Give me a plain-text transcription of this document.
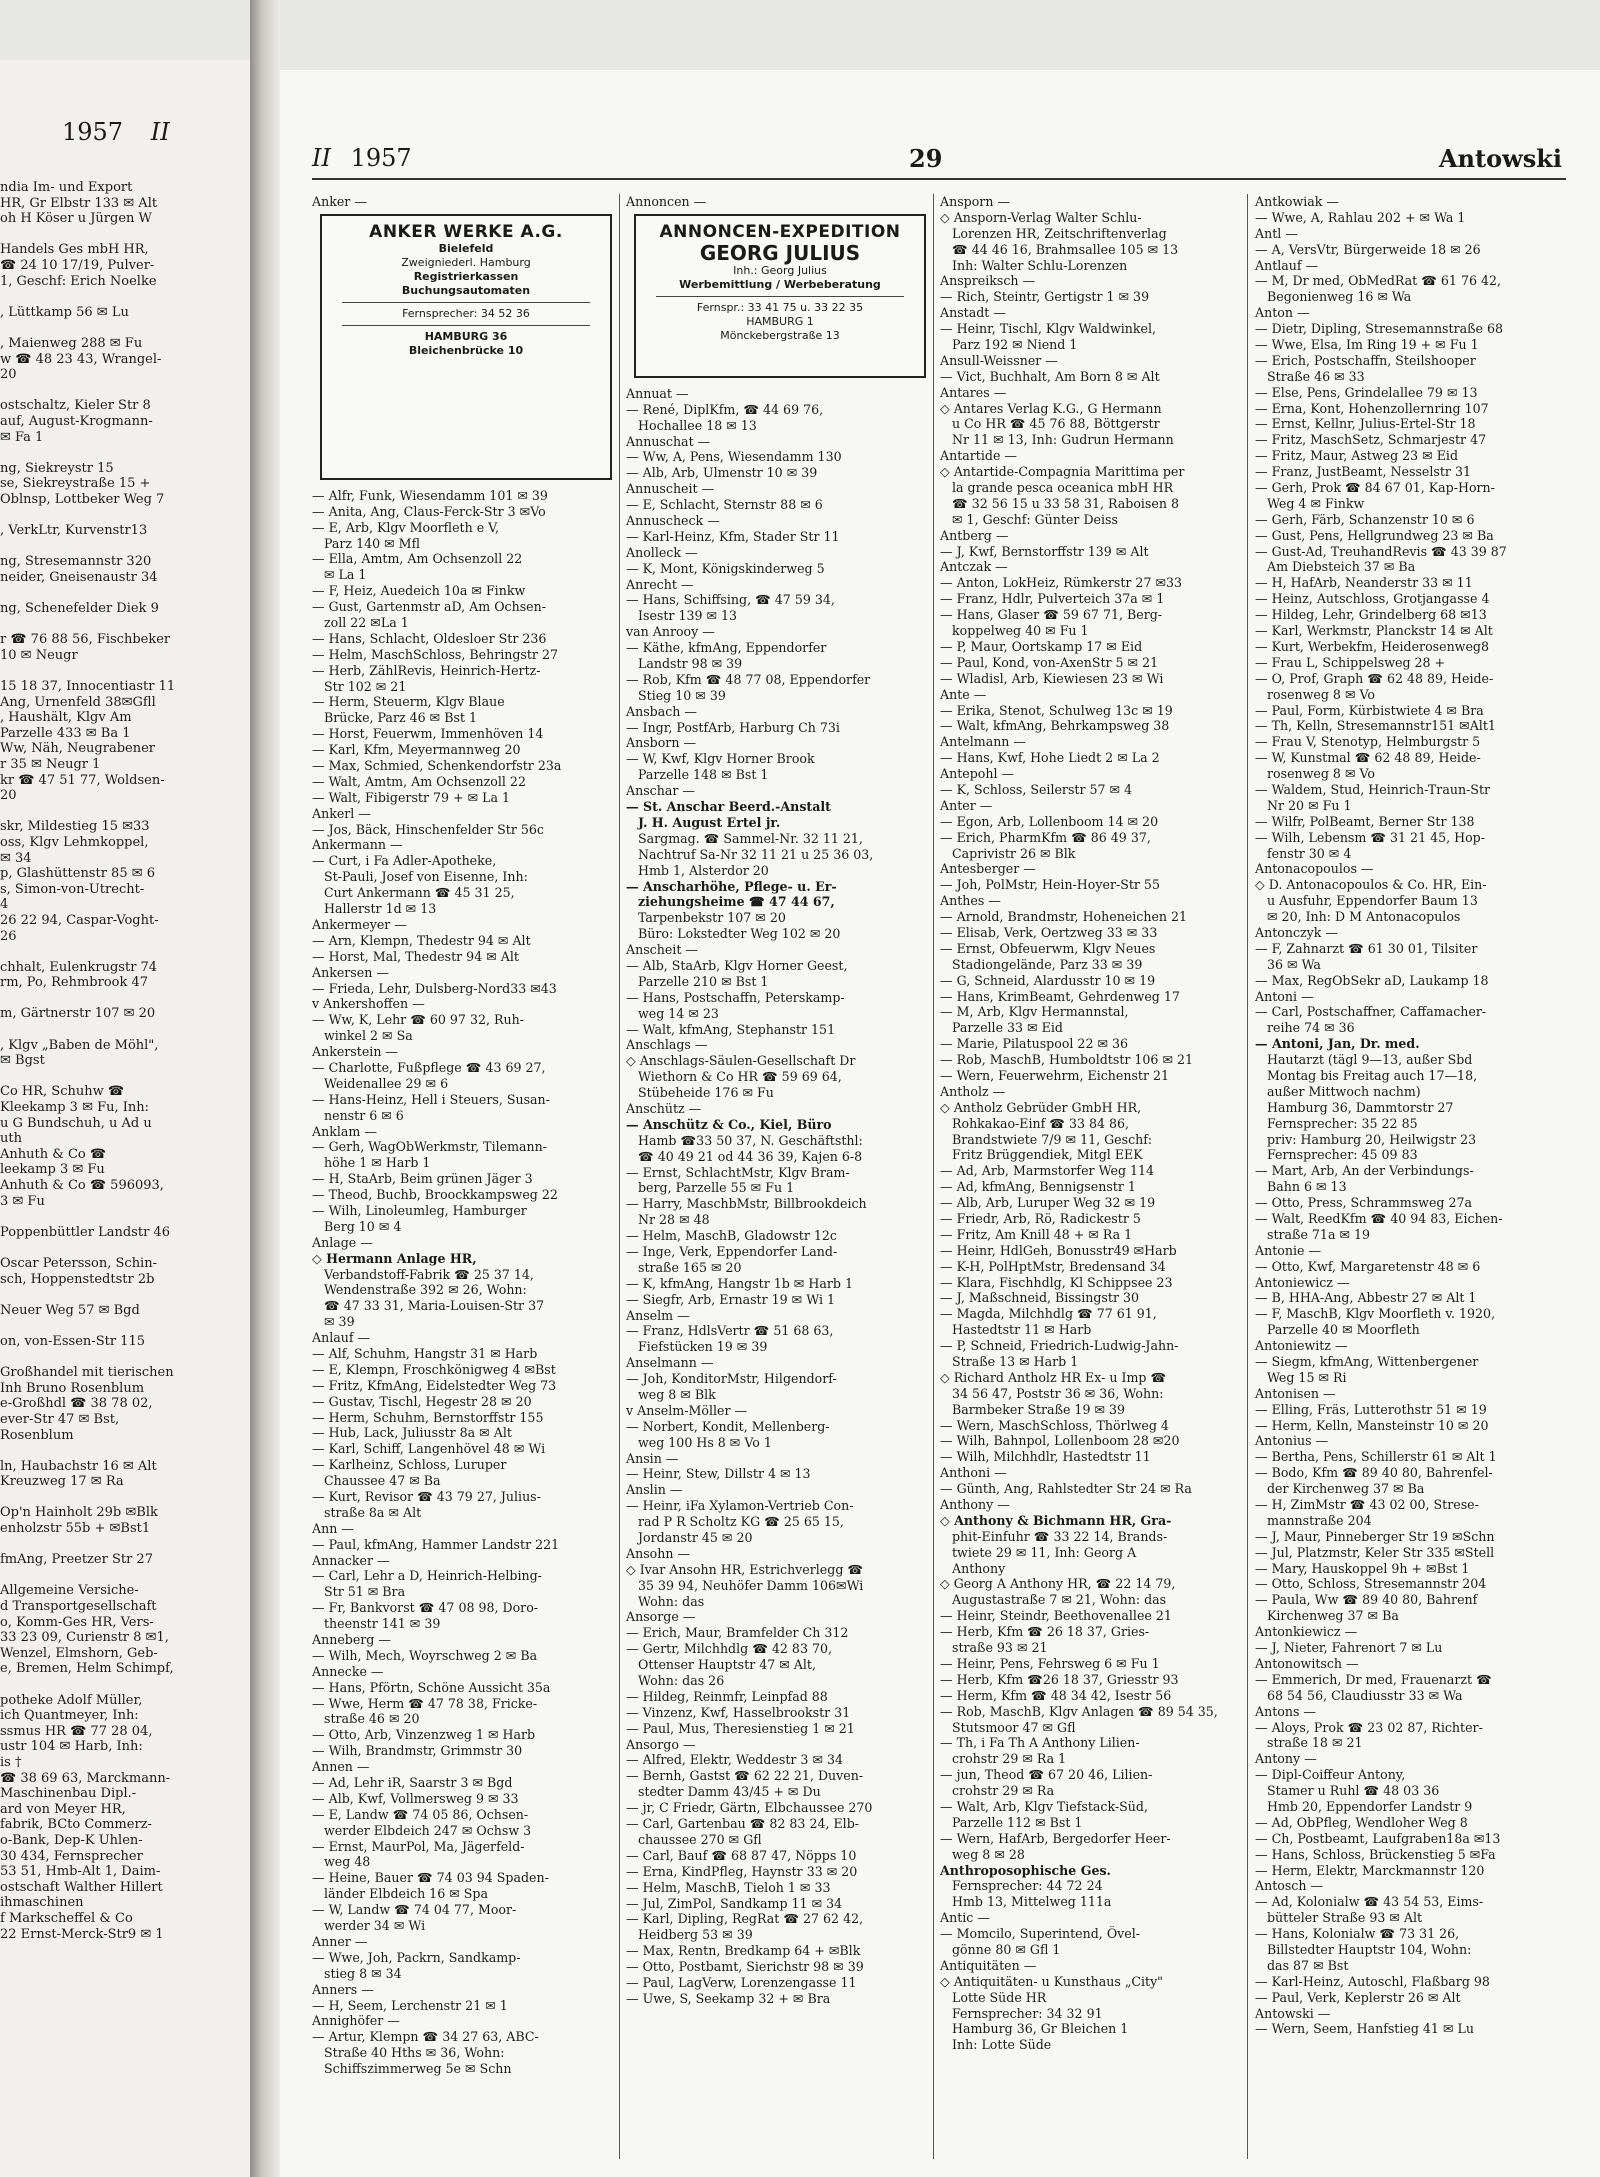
1957 II
ndia Im- und Export
HR, Gr Elbstr 133 ✉ Alt
oh H Köser u Jürgen W
Handels Ges mbH HR,
☎ 24 10 17/19, Pulver-
1, Geschf: Erich Noelke
, Lüttkamp 56 ✉ Lu
, Maienweg 288 ✉ Fu
w ☎ 48 23 43, Wrangel-
20
ostschaltz, Kieler Str 8
auf, August-Krogmann-
✉ Fa 1
ng, Siekreystr 15
se, Siekreystraße 15 +
Oblnsp, Lottbeker Weg 7
, VerkLtr, Kurvenstr13
ng, Stresemannstr 320
neider, Gneisenaustr 34
ng, Schenefelder Diek 9
r ☎ 76 88 56, Fischbeker
10 ✉ Neugr
15 18 37, Innocentiastr 11
Ang, Urnenfeld 38✉Gfll
, Haushält, Klgv Am
Parzelle 433 ✉ Ba 1
Ww, Näh, Neugrabener
r 35 ✉ Neugr 1
kr ☎ 47 51 77, Woldsen-
20
skr, Mildestieg 15 ✉33
oss, Klgv Lehmkoppel,
✉ 34
p, Glashüttenstr 85 ✉ 6
s, Simon-von-Utrecht-
4
26 22 94, Caspar-Voght-
26
chhalt, Eulenkrugstr 74
rm, Po, Rehmbrook 47
m, Gärtnerstr 107 ✉ 20
, Klgv „Baben de Möhl",
✉ Bgst
Co HR, Schuhw ☎
Kleekamp 3 ✉ Fu, Inh:
u G Bundschuh, u Ad u
uth
Anhuth & Co ☎
leekamp 3 ✉ Fu
Anhuth & Co ☎ 596093,
3 ✉ Fu
Poppenbüttler Landstr 46
Oscar Petersson, Schin-
sch, Hoppenstedtstr 2b
Neuer Weg 57 ✉ Bgd
on, von-Essen-Str 115
Großhandel mit tierischen
Inh Bruno Rosenblum
e-Großhdl ☎ 38 78 02,
ever-Str 47 ✉ Bst,
Rosenblum
ln, Haubachstr 16 ✉ Alt
Kreuzweg 17 ✉ Ra
Op'n Hainholt 29b ✉Blk
enholzstr 55b + ✉Bst1
fmAng, Preetzer Str 27
Allgemeine Versiche-
d Transportgesellschaft
o, Komm-Ges HR, Vers-
33 23 09, Curienstr 8 ✉1,
Wenzel, Elmshorn, Geb-
e, Bremen, Helm Schimpf,
potheke Adolf Müller,
ich Quantmeyer, Inh:
ssmus HR ☎ 77 28 04,
ustr 104 ✉ Harb, Inh:
is †
☎ 38 69 63, Marckmann-
Maschinenbau Dipl.-
ard von Meyer HR,
fabrik, BCto Commerz-
o-Bank, Dep-K Uhlen-
30 434, Fernsprecher
53 51, Hmb-Alt 1, Daim-
ostschaft Walther Hillert
ihmaschinen
f Markscheffel & Co
22 Ernst-Merck-Str9 ✉ 1
II 1957	29	Antowski
Anker —
ANKER WERKE A.G.
Bielefeld
Zweigniederl. Hamburg
Registrierkassen
Buchungsautomaten
Fernsprecher: 34 52 36
HAMBURG 36
Bleichenbrücke 10
— Alfr, Funk, Wiesendamm 101 ✉ 39
— Anita, Ang, Claus-Ferck-Str 3 ✉Vo
— E, Arb, Klgv Moorfleth e V,
Parz 140 ✉ Mfl
— Ella, Amtm, Am Ochsenzoll 22
✉ La 1
— F, Heiz, Auedeich 10a ✉ Finkw
— Gust, Gartenmstr aD, Am Ochsen-
zoll 22 ✉La 1
— Hans, Schlacht, Oldesloer Str 236
— Helm, MaschSchloss, Behringstr 27
— Herb, ZählRevis, Heinrich-Hertz-
Str 102 ✉ 21
— Herm, Steuerm, Klgv Blaue
Brücke, Parz 46 ✉ Bst 1
— Horst, Feuerwm, Immenhöven 14
— Karl, Kfm, Meyermannweg 20
— Max, Schmied, Schenkendorfstr 23a
— Walt, Amtm, Am Ochsenzoll 22
— Walt, Fibigerstr 79 + ✉ La 1
Ankerl —
— Jos, Bäck, Hinschenfelder Str 56c
Ankermann —
— Curt, i Fa Adler-Apotheke,
St-Pauli, Josef von Eisenne, Inh:
Curt Ankermann ☎ 45 31 25,
Hallerstr 1d ✉ 13
Ankermeyer —
— Arn, Klempn, Thedestr 94 ✉ Alt
— Horst, Mal, Thedestr 94 ✉ Alt
Ankersen —
— Frieda, Lehr, Dulsberg-Nord33 ✉43
v Ankershoffen —
— Ww, K, Lehr ☎ 60 97 32, Ruh-
winkel 2 ✉ Sa
Ankerstein —
— Charlotte, Fußpflege ☎ 43 69 27,
Weidenallee 29 ✉ 6
— Hans-Heinz, Hell i Steuers, Susan-
nenstr 6 ✉ 6
Anklam —
— Gerh, WagObWerkmstr, Tilemann-
höhe 1 ✉ Harb 1
— H, StaArb, Beim grünen Jäger 3
— Theod, Buchb, Broockkampsweg 22
— Wilh, Linoleumleg, Hamburger
Berg 10 ✉ 4
Anlage —
◇ Hermann Anlage HR,
Verbandstoff-Fabrik ☎ 25 37 14,
Wendenstraße 392 ✉ 26, Wohn:
☎ 47 33 31, Maria-Louisen-Str 37
✉ 39
Anlauf —
— Alf, Schuhm, Hangstr 31 ✉ Harb
— E, Klempn, Froschkönigweg 4 ✉Bst
— Fritz, KfmAng, Eidelstedter Weg 73
— Gustav, Tischl, Hegestr 28 ✉ 20
— Herm, Schuhm, Bernstorffstr 155
— Hub, Lack, Juliusstr 8a ✉ Alt
— Karl, Schiff, Langenhövel 48 ✉ Wi
— Karlheinz, Schloss, Luruper
Chaussee 47 ✉ Ba
— Kurt, Revisor ☎ 43 79 27, Julius-
straße 8a ✉ Alt
Ann —
— Paul, kfmAng, Hammer Landstr 221
Annacker —
— Carl, Lehr a D, Heinrich-Helbing-
Str 51 ✉ Bra
— Fr, Bankvorst ☎ 47 08 98, Doro-
theenstr 141 ✉ 39
Anneberg —
— Wilh, Mech, Woyrschweg 2 ✉ Ba
Annecke —
— Hans, Pförtn, Schöne Aussicht 35a
— Wwe, Herm ☎ 47 78 38, Fricke-
straße 46 ✉ 20
— Otto, Arb, Vinzenzweg 1 ✉ Harb
— Wilh, Brandmstr, Grimmstr 30
Annen —
— Ad, Lehr iR, Saarstr 3 ✉ Bgd
— Alb, Kwf, Vollmersweg 9 ✉ 33
— E, Landw ☎ 74 05 86, Ochsen-
werder Elbdeich 247 ✉ Ochsw 3
— Ernst, MaurPol, Ma, Jägerfeld-
weg 48
— Heine, Bauer ☎ 74 03 94 Spaden-
länder Elbdeich 16 ✉ Spa
— W, Landw ☎ 74 04 77, Moor-
werder 34 ✉ Wi
Anner —
— Wwe, Joh, Packrn, Sandkamp-
stieg 8 ✉ 34
Anners —
— H, Seem, Lerchenstr 21 ✉ 1
Annighöfer —
— Artur, Klempn ☎ 34 27 63, ABC-
Straße 40 Hths ✉ 36, Wohn:
Schiffszimmerweg 5e ✉ Schn
Annoncen —
ANNONCEN-EXPEDITION
GEORG JULIUS
Inh.: Georg Julius
Werbemittlung / Werbeberatung
Fernspr.: 33 41 75 u. 33 22 35
HAMBURG 1
Mönckebergstraße 13
Annuat —
— René, DiplKfm, ☎ 44 69 76,
Hochallee 18 ✉ 13
Annuschat —
— Ww, A, Pens, Wiesendamm 130
— Alb, Arb, Ulmenstr 10 ✉ 39
Annuscheit —
— E, Schlacht, Sternstr 88 ✉ 6
Annuscheck —
— Karl-Heinz, Kfm, Stader Str 11
Anolleck —
— K, Mont, Königskinderweg 5
Anrecht —
— Hans, Schiffsing, ☎ 47 59 34,
Isestr 139 ✉ 13
van Anrooy —
— Käthe, kfmAng, Eppendorfer
Landstr 98 ✉ 39
— Rob, Kfm ☎ 48 77 08, Eppendorfer
Stieg 10 ✉ 39
Ansbach —
— Ingr, PostfArb, Harburg Ch 73i
Ansborn —
— W, Kwf, Klgv Horner Brook
Parzelle 148 ✉ Bst 1
Anschar —
— St. Anschar Beerd.-Anstalt
J. H. August Ertel jr.
Sargmag. ☎ Sammel-Nr. 32 11 21,
Nachtruf Sa-Nr 32 11 21 u 25 36 03,
Hmb 1, Alsterdor 20
— Anscharhöhe, Pflege- u. Er-
ziehungsheime ☎ 47 44 67,
Tarpenbekstr 107 ✉ 20
Büro: Lokstedter Weg 102 ✉ 20
Anscheit —
— Alb, StaArb, Klgv Horner Geest,
Parzelle 210 ✉ Bst 1
— Hans, Postschaffn, Peterskamp-
weg 14 ✉ 23
— Walt, kfmAng, Stephanstr 151
Anschlags —
◇ Anschlags-Säulen-Gesellschaft Dr
Wiethorn & Co HR ☎ 59 69 64,
Stübeheide 176 ✉ Fu
Anschütz —
— Anschütz & Co., Kiel, Büro
Hamb ☎33 50 37, N. Geschäftsthl:
☎ 40 49 21 od 44 36 39, Kajen 6-8
— Ernst, SchlachtMstr, Klgv Bram-
berg, Parzelle 55 ✉ Fu 1
— Harry, MaschbMstr, Billbrookdeich
Nr 28 ✉ 48
— Helm, MaschB, Gladowstr 12c
— Inge, Verk, Eppendorfer Land-
straße 165 ✉ 20
— K, kfmAng, Hangstr 1b ✉ Harb 1
— Siegfr, Arb, Ernastr 19 ✉ Wi 1
Anselm —
— Franz, HdlsVertr ☎ 51 68 63,
Fiefstücken 19 ✉ 39
Anselmann —
— Joh, KonditorMstr, Hilgendorf-
weg 8 ✉ Blk
v Anselm-Möller —
— Norbert, Kondit, Mellenberg-
weg 100 Hs 8 ✉ Vo 1
Ansin —
— Heinr, Stew, Dillstr 4 ✉ 13
Anslin —
— Heinr, iFa Xylamon-Vertrieb Con-
rad P R Scholtz KG ☎ 25 65 15,
Jordanstr 45 ✉ 20
Ansohn —
◇ Ivar Ansohn HR, Estrichverlegg ☎
35 39 94, Neuhöfer Damm 106✉Wi
Wohn: das
Ansorge —
— Erich, Maur, Bramfelder Ch 312
— Gertr, Milchhdlg ☎ 42 83 70,
Ottenser Hauptstr 47 ✉ Alt,
Wohn: das 26
— Hildeg, Reinmfr, Leinpfad 88
— Vinzenz, Kwf, Hasselbrookstr 31
— Paul, Mus, Theresienstieg 1 ✉ 21
Ansorgo —
— Alfred, Elektr, Weddestr 3 ✉ 34
— Bernh, Gastst ☎ 62 22 21, Duven-
stedter Damm 43/45 + ✉ Du
— jr, C Friedr, Gärtn, Elbchaussee 270
— Carl, Gartenbau ☎ 82 83 24, Elb-
chaussee 270 ✉ Gfl
— Carl, Bauf ☎ 68 87 47, Nöpps 10
— Erna, KindPfleg, Haynstr 33 ✉ 20
— Helm, MaschB, Tieloh 1 ✉ 33
— Jul, ZimPol, Sandkamp 11 ✉ 34
— Karl, Dipling, RegRat ☎ 27 62 42,
Heidberg 53 ✉ 39
— Max, Rentn, Bredkamp 64 + ✉Blk
— Otto, Postbamt, Sierichstr 98 ✉ 39
— Paul, LagVerw, Lorenzengasse 11
— Uwe, S, Seekamp 32 + ✉ Bra
Ansporn —
◇ Ansporn-Verlag Walter Schlu-
Lorenzen HR, Zeitschriftenverlag
☎ 44 46 16, Brahmsallee 105 ✉ 13
Inh: Walter Schlu-Lorenzen
Anspreiksch —
— Rich, Steintr, Gertigstr 1 ✉ 39
Anstadt —
— Heinr, Tischl, Klgv Waldwinkel,
Parz 192 ✉ Niend 1
Ansull-Weissner —
— Vict, Buchhalt, Am Born 8 ✉ Alt
Antares —
◇ Antares Verlag K.G., G Hermann
u Co HR ☎ 45 76 88, Böttgerstr
Nr 11 ✉ 13, Inh: Gudrun Hermann
Antartide —
◇ Antartide-Compagnia Marittima per
la grande pesca oceanica mbH HR
☎ 32 56 15 u 33 58 31, Raboisen 8
✉ 1, Geschf: Günter Deiss
Antberg —
— J, Kwf, Bernstorffstr 139 ✉ Alt
Antczak —
— Anton, LokHeiz, Rümkerstr 27 ✉33
— Franz, Hdlr, Pulverteich 37a ✉ 1
— Hans, Glaser ☎ 59 67 71, Berg-
koppelweg 40 ✉ Fu 1
— P, Maur, Oortskamp 17 ✉ Eid
— Paul, Kond, von-AxenStr 5 ✉ 21
— Wladisl, Arb, Kiewiesen 23 ✉ Wi
Ante —
— Erika, Stenot, Schulweg 13c ✉ 19
— Walt, kfmAng, Behrkampsweg 38
Antelmann —
— Hans, Kwf, Hohe Liedt 2 ✉ La 2
Antepohl —
— K, Schloss, Seilerstr 57 ✉ 4
Anter —
— Egon, Arb, Lollenboom 14 ✉ 20
— Erich, PharmKfm ☎ 86 49 37,
Caprivistr 26 ✉ Blk
Antesberger —
— Joh, PolMstr, Hein-Hoyer-Str 55
Anthes —
— Arnold, Brandmstr, Hoheneichen 21
— Elisab, Verk, Oertzweg 33 ✉ 33
— Ernst, Obfeuerwm, Klgv Neues
Stadiongelände, Parz 33 ✉ 39
— G, Schneid, Alardusstr 10 ✉ 19
— Hans, KrimBeamt, Gehrdenweg 17
— M, Arb, Klgv Hermannstal,
Parzelle 33 ✉ Eid
— Marie, Pilatuspool 22 ✉ 36
— Rob, MaschB, Humboldtstr 106 ✉ 21
— Wern, Feuerwehrm, Eichenstr 21
Antholz —
◇ Antholz Gebrüder GmbH HR,
Rohkakao-Einf ☎ 33 84 86,
Brandstwiete 7/9 ✉ 11, Geschf:
Fritz Brüggendiek, Mitgl EEK
— Ad, Arb, Marmstorfer Weg 114
— Ad, kfmAng, Bennigsenstr 1
— Alb, Arb, Luruper Weg 32 ✉ 19
— Friedr, Arb, Rö, Radickestr 5
— Fritz, Am Knill 48 + ✉ Ra 1
— Heinr, HdlGeh, Bonusstr49 ✉Harb
— K-H, PolHptMstr, Bredensand 34
— Klara, Fischhdlg, Kl Schippsee 23
— J, Maßschneid, Bissingstr 30
— Magda, Milchhdlg ☎ 77 61 91,
Hastedtstr 11 ✉ Harb
— P, Schneid, Friedrich-Ludwig-Jahn-
Straße 13 ✉ Harb 1
◇ Richard Antholz HR Ex- u Imp ☎
34 56 47, Poststr 36 ✉ 36, Wohn:
Barmbeker Straße 19 ✉ 39
— Wern, MaschSchloss, Thörlweg 4
— Wilh, Bahnpol, Lollenboom 28 ✉20
— Wilh, Milchhdlr, Hastedtstr 11
Anthoni —
— Günth, Ang, Rahlstedter Str 24 ✉ Ra
Anthony —
◇ Anthony & Bichmann HR, Gra-
phit-Einfuhr ☎ 33 22 14, Brands-
twiete 29 ✉ 11, Inh: Georg A
Anthony
◇ Georg A Anthony HR, ☎ 22 14 79,
Augustastraße 7 ✉ 21, Wohn: das
— Heinr, Steindr, Beethovenallee 21
— Herb, Kfm ☎ 26 18 37, Gries-
straße 93 ✉ 21
— Heinr, Pens, Fehrsweg 6 ✉ Fu 1
— Herb, Kfm ☎26 18 37, Griesstr 93
— Herm, Kfm ☎ 48 34 42, Isestr 56
— Rob, MaschB, Klgv Anlagen ☎ 89 54 35,
Stutsmoor 47 ✉ Gfl
— Th, i Fa Th A Anthony Lilien-
crohstr 29 ✉ Ra 1
— jun, Theod ☎ 67 20 46, Lilien-
crohstr 29 ✉ Ra
— Walt, Arb, Klgv Tiefstack-Süd,
Parzelle 112 ✉ Bst 1
— Wern, HafArb, Bergedorfer Heer-
weg 8 ✉ 28
Anthroposophische Ges.
Fernsprecher: 44 72 24
Hmb 13, Mittelweg 111a
Antic —
— Momcilo, Superintend, Övel-
gönne 80 ✉ Gfl 1
Antiquitäten —
◇ Antiquitäten- u Kunsthaus „City"
Lotte Süde HR
Fernsprecher: 34 32 91
Hamburg 36, Gr Bleichen 1
Inh: Lotte Süde
Antkowiak —
— Wwe, A, Rahlau 202 + ✉ Wa 1
Antl —
— A, VersVtr, Bürgerweide 18 ✉ 26
Antlauf —
— M, Dr med, ObMedRat ☎ 61 76 42,
Begonienweg 16 ✉ Wa
Anton —
— Dietr, Dipling, Stresemannstraße 68
— Wwe, Elsa, Im Ring 19 + ✉ Fu 1
— Erich, Postschaffn, Steilshooper
Straße 46 ✉ 33
— Else, Pens, Grindelallee 79 ✉ 13
— Erna, Kont, Hohenzollernring 107
— Ernst, Kellnr, Julius-Ertel-Str 18
— Fritz, MaschSetz, Schmarjestr 47
— Fritz, Maur, Astweg 23 ✉ Eid
— Franz, JustBeamt, Nesselstr 31
— Gerh, Prok ☎ 84 67 01, Kap-Horn-
Weg 4 ✉ Finkw
— Gerh, Färb, Schanzenstr 10 ✉ 6
— Gust, Pens, Hellgrundweg 23 ✉ Ba
— Gust-Ad, TreuhandRevis ☎ 43 39 87
Am Diebsteich 37 ✉ Ba
— H, HafArb, Neanderstr 33 ✉ 11
— Heinz, Autschloss, Grotjangasse 4
— Hildeg, Lehr, Grindelberg 68 ✉13
— Karl, Werkmstr, Planckstr 14 ✉ Alt
— Kurt, Werbekfm, Heiderosenweg8
— Frau L, Schippelsweg 28 +
— O, Prof, Graph ☎ 62 48 89, Heide-
rosenweg 8 ✉ Vo
— Paul, Form, Kürbistwiete 4 ✉ Bra
— Th, Kelln, Stresemannstr151 ✉Alt1
— Frau V, Stenotyp, Helmburgstr 5
— W, Kunstmal ☎ 62 48 89, Heide-
rosenweg 8 ✉ Vo
— Waldem, Stud, Heinrich-Traun-Str
Nr 20 ✉ Fu 1
— Wilfr, PolBeamt, Berner Str 138
— Wilh, Lebensm ☎ 31 21 45, Hop-
fenstr 30 ✉ 4
Antonacopoulos —
◇ D. Antonacopoulos & Co. HR, Ein-
u Ausfuhr, Eppendorfer Baum 13
✉ 20, Inh: D M Antonacopulos
Antonczyk —
— F, Zahnarzt ☎ 61 30 01, Tilsiter
36 ✉ Wa
— Max, RegObSekr aD, Laukamp 18
Antoni —
— Carl, Postschaffner, Caffamacher-
reihe 74 ✉ 36
— Antoni, Jan, Dr. med.
Hautarzt (tägl 9—13, außer Sbd
Montag bis Freitag auch 17—18,
außer Mittwoch nachm)
Hamburg 36, Dammtorstr 27
Fernsprecher: 35 22 85
priv: Hamburg 20, Heilwigstr 23
Fernsprecher: 45 09 83
— Mart, Arb, An der Verbindungs-
Bahn 6 ✉ 13
— Otto, Press, Schrammsweg 27a
— Walt, ReedKfm ☎ 40 94 83, Eichen-
straße 71a ✉ 19
Antonie —
— Otto, Kwf, Margaretenstr 48 ✉ 6
Antoniewicz —
— B, HHA-Ang, Abbestr 27 ✉ Alt 1
— F, MaschB, Klgv Moorfleth v. 1920,
Parzelle 40 ✉ Moorfleth
Antoniewitz —
— Siegm, kfmAng, Wittenbergener
Weg 15 ✉ Ri
Antonisen —
— Elling, Fräs, Lutterothstr 51 ✉ 19
— Herm, Kelln, Mansteinstr 10 ✉ 20
Antonius —
— Bertha, Pens, Schillerstr 61 ✉ Alt 1
— Bodo, Kfm ☎ 89 40 80, Bahrenfel-
der Kirchenweg 37 ✉ Ba
— H, ZimMstr ☎ 43 02 00, Strese-
mannstraße 204
— J, Maur, Pinneberger Str 19 ✉Schn
— Jul, Platzmstr, Keler Str 335 ✉Stell
— Mary, Hauskoppel 9h + ✉Bst 1
— Otto, Schloss, Stresemannstr 204
— Paula, Ww ☎ 89 40 80, Bahrenf
Kirchenweg 37 ✉ Ba
Antonkiewicz —
— J, Nieter, Fahrenort 7 ✉ Lu
Antonowitsch —
— Emmerich, Dr med, Frauenarzt ☎
68 54 56, Claudiusstr 33 ✉ Wa
Antons —
— Aloys, Prok ☎ 23 02 87, Richter-
straße 18 ✉ 21
Antony —
— Dipl-Coiffeur Antony,
Stamer u Ruhl ☎ 48 03 36
Hmb 20, Eppendorfer Landstr 9
— Ad, ObPfleg, Wendloher Weg 8
— Ch, Postbeamt, Laufgraben18a ✉13
— Hans, Schloss, Brückenstieg 5 ✉Fa
— Herm, Elektr, Marckmannstr 120
Antosch —
— Ad, Kolonialw ☎ 43 54 53, Eims-
bütteler Straße 93 ✉ Alt
— Hans, Kolonialw ☎ 73 31 26,
Billstedter Hauptstr 104, Wohn:
das 87 ✉ Bst
— Karl-Heinz, Autoschl, Flaßbarg 98
— Paul, Verk, Keplerstr 26 ✉ Alt
Antowski —
— Wern, Seem, Hanfstieg 41 ✉ Lu
